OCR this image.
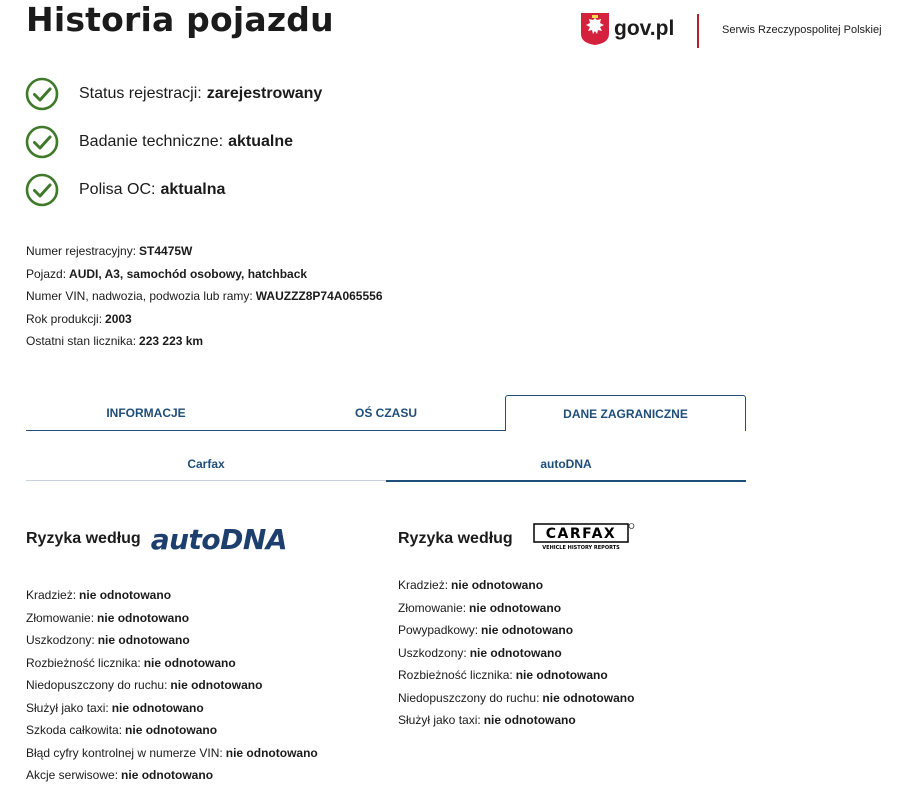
Historia pojazdu	gov.pl	Serwis Rzeczypospolitej Polskiej
Status rejestracji: zarejestrowany
Badanie techniczne: aktualne
Polisa OC: aktualna
Numer rejestracyjny: ST4475W
Pojazd: AUDI, A3, samochód osobowy, hatchback
Numer VIN, nadwozia, podwozia lub ramy: WAUZZZ8P74A065556
Rok produkcji: 2003
Ostatni stan licznika: 223 223 km
INFORMACJE	OŚ CZASU	DANE ZAGRANICZNE
Carfax	autoDNA
Ryzyka według autoDNA
Kradzież: nie odnotowano
Złomowanie: nie odnotowano
Uszkodzony: nie odnotowano
Rozbieżność licznika: nie odnotowano
Niedopuszczony do ruchu: nie odnotowano
Służył jako taxi: nie odnotowano
Szkoda całkowita: nie odnotowano
Błąd cyfry kontrolnej w numerze VIN: nie odnotowano
Akcje serwisowe: nie odnotowano
Ryzyka według CARFAX
VEHICLE HISTORY REPORTS
Kradzież: nie odnotowano
Złomowanie: nie odnotowano
Powypadkowy: nie odnotowano
Uszkodzony: nie odnotowano
Rozbieżność licznika: nie odnotowano
Niedopuszczony do ruchu: nie odnotowano
Służył jako taxi: nie odnotowano
